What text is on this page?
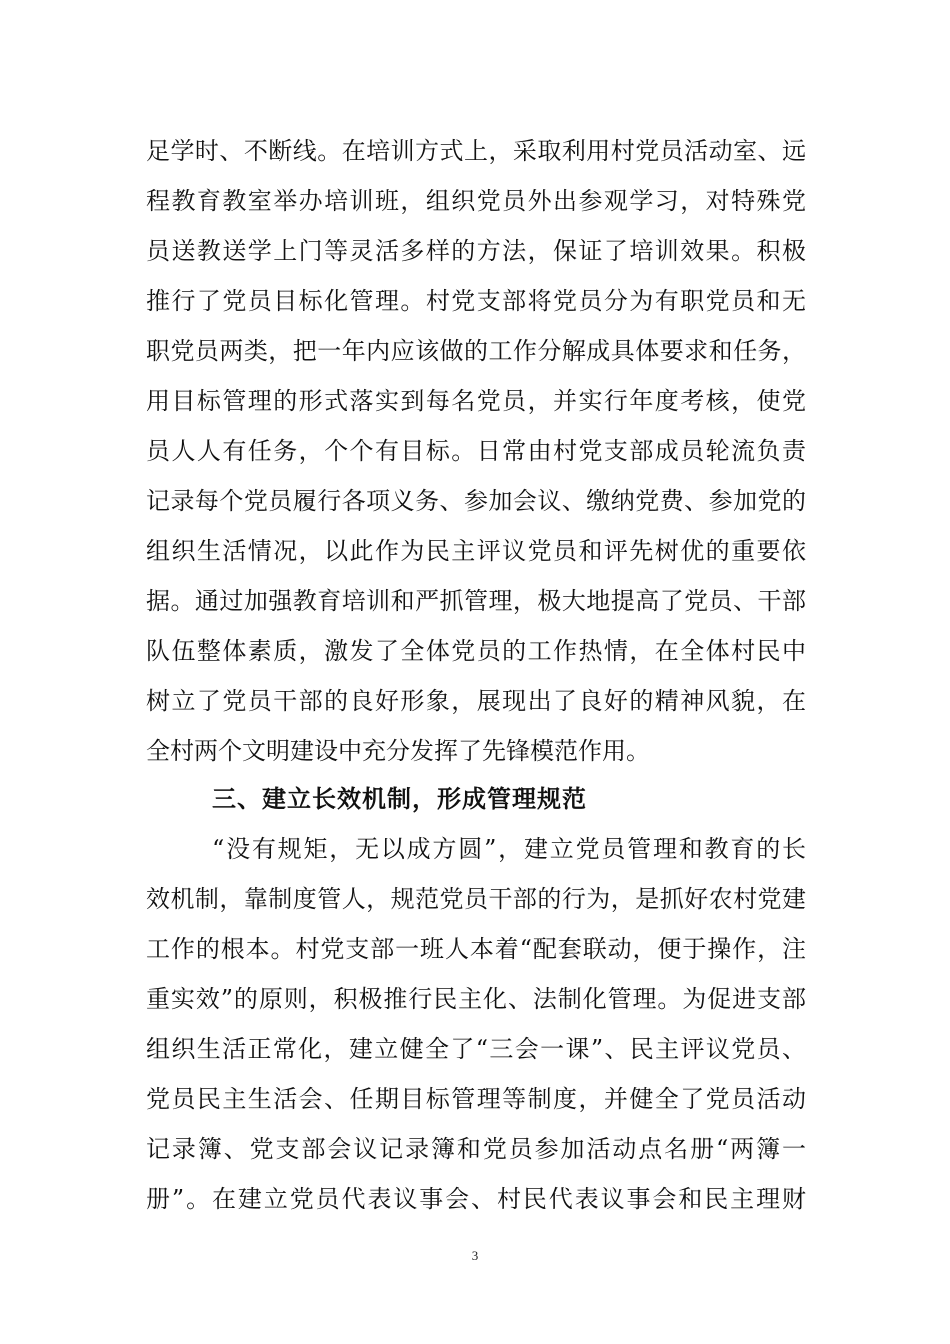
足学时、不断线。在培训方式上，采取利用村党员活动室、远
程教育教室举办培训班，组织党员外出参观学习，对特殊党
员送教送学上门等灵活多样的方法，保证了培训效果。积极
推行了党员目标化管理。村党支部将党员分为有职党员和无
职党员两类，把一年内应该做的工作分解成具体要求和任务，
用目标管理的形式落实到每名党员，并实行年度考核，使党
员人人有任务，个个有目标。日常由村党支部成员轮流负责
记录每个党员履行各项义务、参加会议、缴纳党费、参加党的
组织生活情况，以此作为民主评议党员和评先树优的重要依
据。通过加强教育培训和严抓管理，极大地提高了党员、干部
队伍整体素质，激发了全体党员的工作热情，在全体村民中
树立了党员干部的良好形象，展现出了良好的精神风貌，在
全村两个文明建设中充分发挥了先锋模范作用。
三、建立长效机制，形成管理规范
“没有规矩，无以成方圆”，建立党员管理和教育的长
效机制，靠制度管人，规范党员干部的行为，是抓好农村党建
工作的根本。村党支部一班人本着“配套联动，便于操作，注
重实效”的原则，积极推行民主化、法制化管理。为促进支部
组织生活正常化，建立健全了“三会一课”、民主评议党员、
党员民主生活会、任期目标管理等制度，并健全了党员活动
记录簿、党支部会议记录簿和党员参加活动点名册“两簿一
册”。在建立党员代表议事会、村民代表议事会和民主理财
3
